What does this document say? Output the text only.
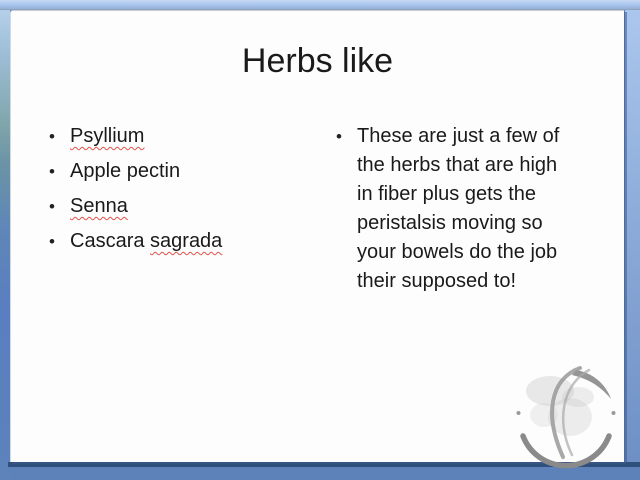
Herbs like
• Psyllium
• Apple pectin
• Senna
• Cascara sagrada
• These are just a few of
the herbs that are high
in fiber plus gets the
peristalsis moving so
your bowels do the job
their supposed to!
